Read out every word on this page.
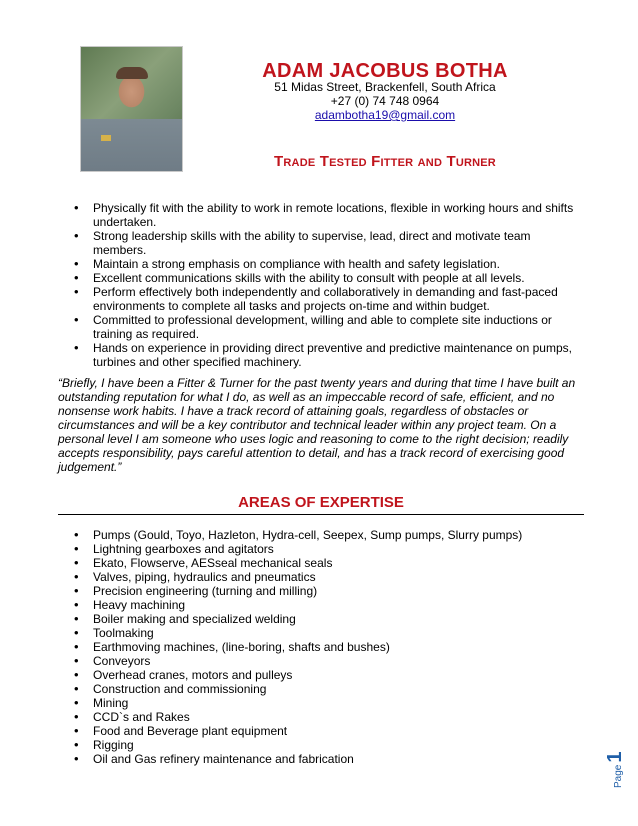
ADAM JACOBUS BOTHA
51 Midas Street, Brackenfell, South Africa
+27 (0) 74 748 0964
adambotha19@gmail.com
Trade Tested Fitter and Turner
• Physically fit with the ability to work in remote locations, flexible in working hours and shifts undertaken.
• Strong leadership skills with the ability to supervise, lead, direct and motivate team members.
• Maintain a strong emphasis on compliance with health and safety legislation.
• Excellent communications skills with the ability to consult with people at all levels.
• Perform effectively both independently and collaboratively in demanding and fast-paced environments to complete all tasks and projects on-time and within budget.
• Committed to professional development, willing and able to complete site inductions or training as required.
• Hands on experience in providing direct preventive and predictive maintenance on pumps, turbines and other specified machinery.

“Briefly, I have been a Fitter & Turner for the past twenty years and during that time I have built an outstanding reputation for what I do, as well as an impeccable record of safe, efficient, and no nonsense work habits. I have a track record of attaining goals, regardless of obstacles or circumstances and will be a key contributor and technical leader within any project team. On a personal level I am someone who uses logic and reasoning to come to the right decision; readily accepts responsibility, pays careful attention to detail, and has a track record of exercising good judgement.”

AREAS OF EXPERTISE
• Pumps (Gould, Toyo, Hazleton, Hydra-cell, Seepex, Sump pumps, Slurry pumps)
• Lightning gearboxes and agitators
• Ekato, Flowserve, AESseal mechanical seals
• Valves, piping, hydraulics and pneumatics
• Precision engineering (turning and milling)
• Heavy machining
• Boiler making and specialized welding
• Toolmaking
• Earthmoving machines, (line-boring, shafts and bushes)
• Conveyors
• Overhead cranes, motors and pulleys
• Construction and commissioning
• Mining
• CCD`s and Rakes
• Food and Beverage plant equipment
• Rigging
• Oil and Gas refinery maintenance and fabrication
Page1
